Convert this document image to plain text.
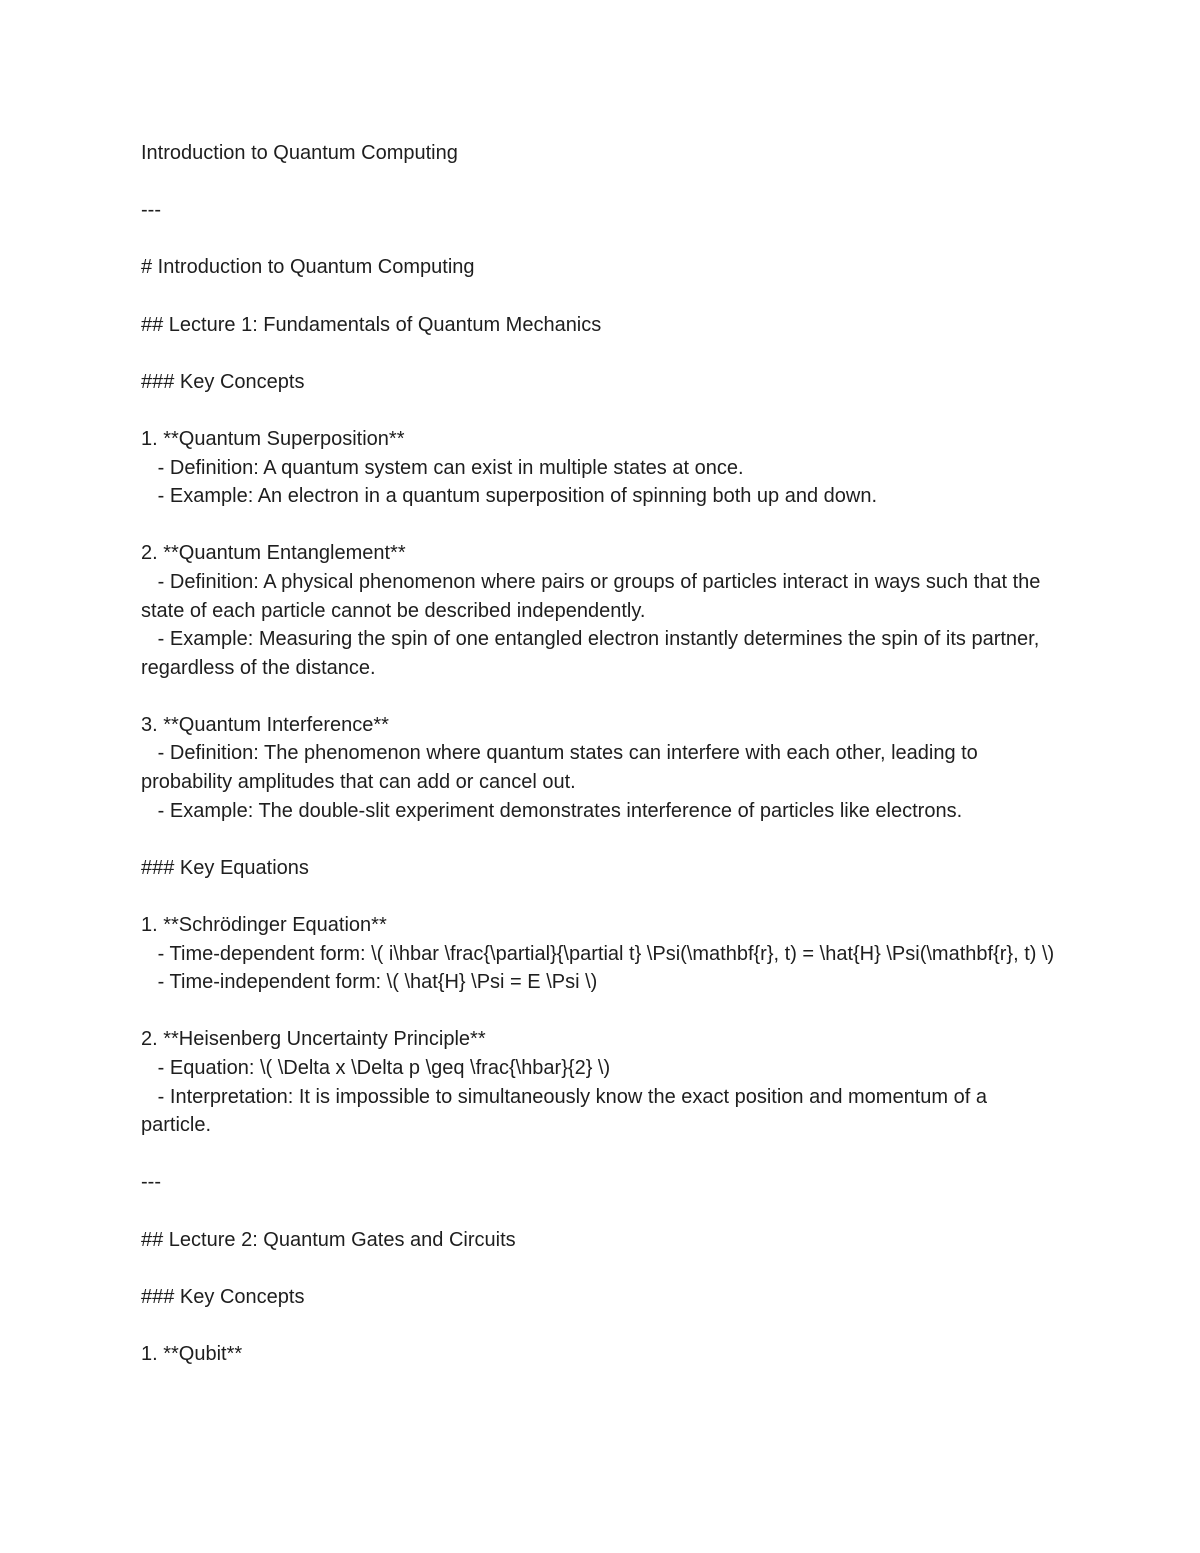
Introduction to Quantum Computing
---
# Introduction to Quantum Computing
## Lecture 1: Fundamentals of Quantum Mechanics
### Key Concepts
1. **Quantum Superposition**
- Definition: A quantum system can exist in multiple states at once.
- Example: An electron in a quantum superposition of spinning both up and down.
2. **Quantum Entanglement**
- Definition: A physical phenomenon where pairs or groups of particles interact in ways such that the state of each particle cannot be described independently.
- Example: Measuring the spin of one entangled electron instantly determines the spin of its partner, regardless of the distance.
3. **Quantum Interference**
- Definition: The phenomenon where quantum states can interfere with each other, leading to probability amplitudes that can add or cancel out.
- Example: The double-slit experiment demonstrates interference of particles like electrons.
### Key Equations
1. **Schrödinger Equation**
- Time-dependent form: \( i\hbar \frac{\partial}{\partial t} \Psi(\mathbf{r}, t) = \hat{H} \Psi(\mathbf{r}, t) \)
- Time-independent form: \( \hat{H} \Psi = E \Psi \)
2. **Heisenberg Uncertainty Principle**
- Equation: \( \Delta x \Delta p \geq \frac{\hbar}{2} \)
- Interpretation: It is impossible to simultaneously know the exact position and momentum of a particle.
---
## Lecture 2: Quantum Gates and Circuits
### Key Concepts
1. **Qubit**
